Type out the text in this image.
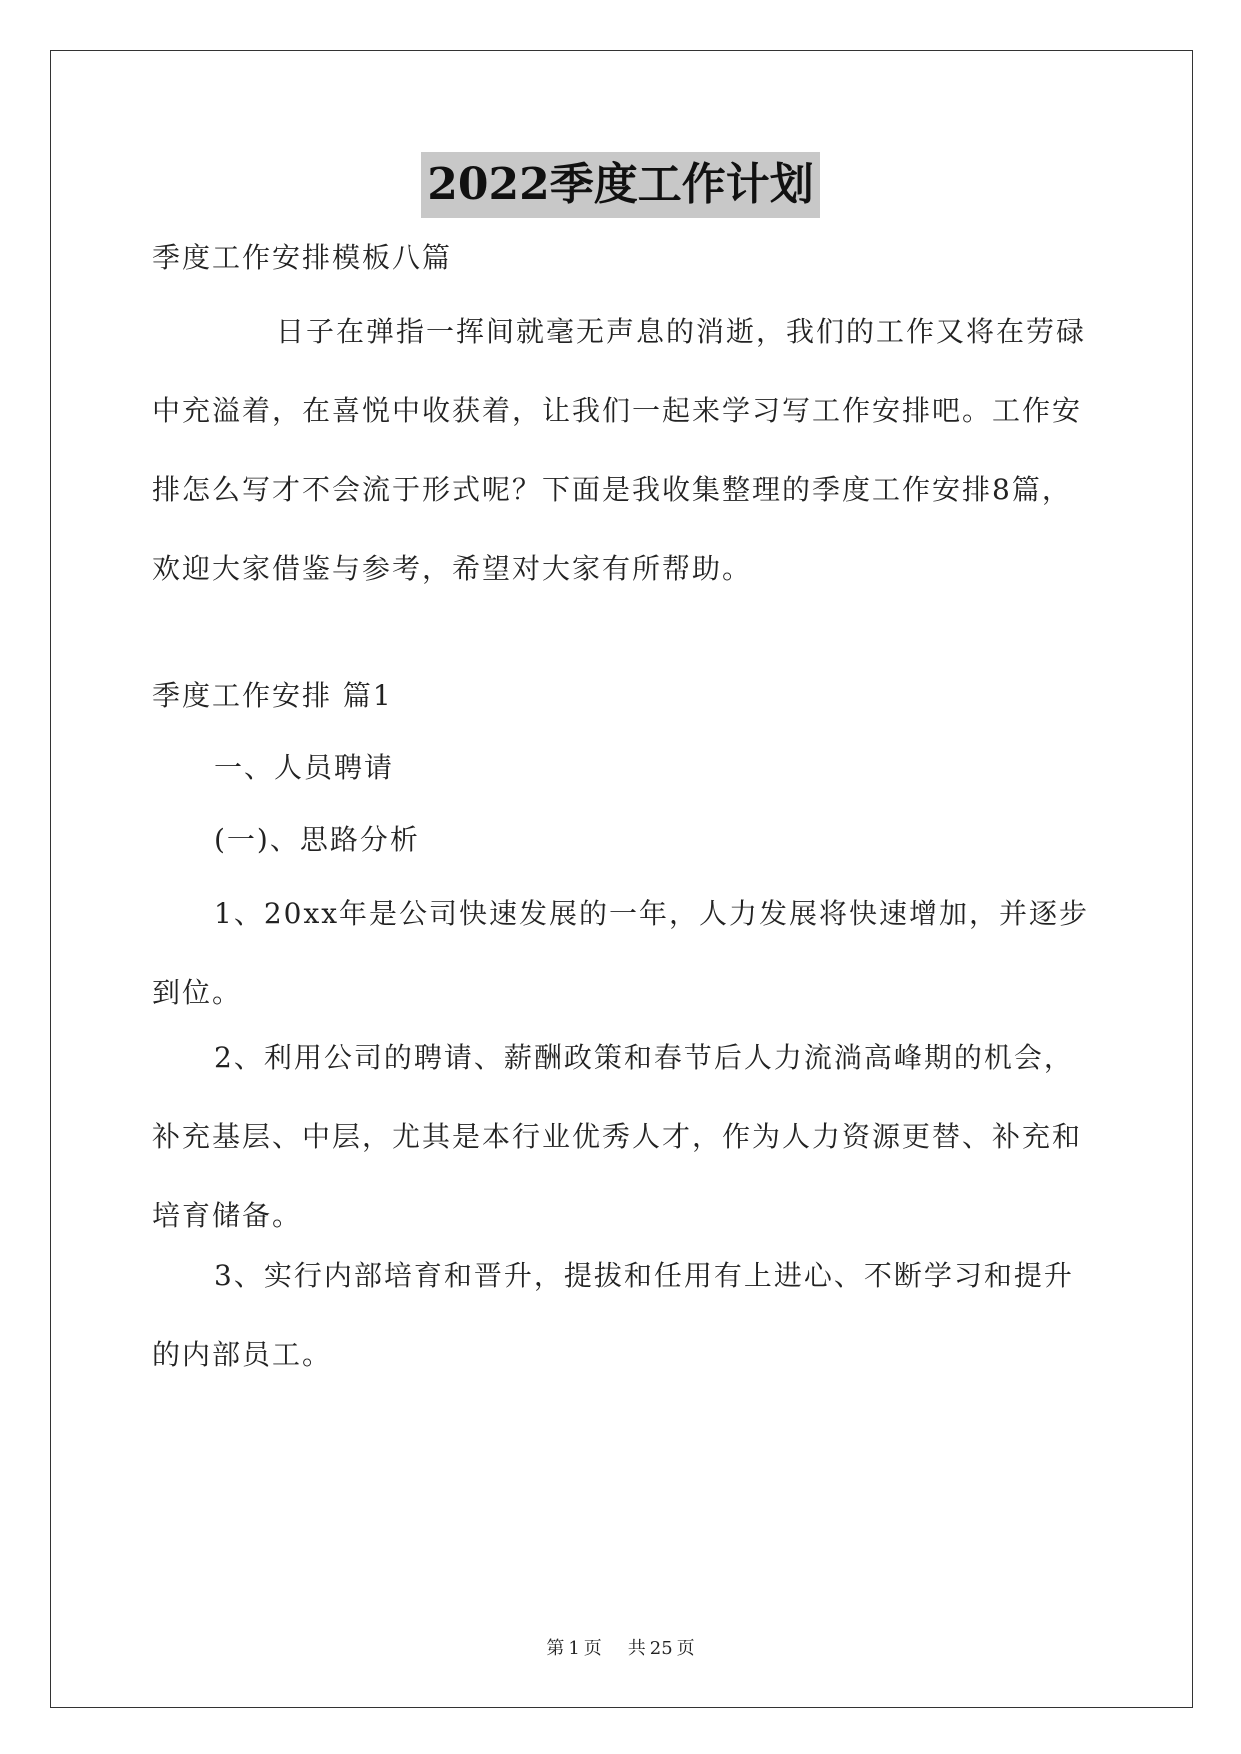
2022季度工作计划

季度工作安排模板八篇

日子在弹指一挥间就毫无声息的消逝，我们的工作又将在劳碌中充溢着，在喜悦中收获着，让我们一起来学习写工作安排吧。工作安排怎么写才不会流于形式呢？下面是我收集整理的季度工作安排8篇，欢迎大家借鉴与参考，希望对大家有所帮助。

季度工作安排 篇1

一、人员聘请

(一)、思路分析

1、20xx年是公司快速发展的一年，人力发展将快速增加，并逐步到位。

2、利用公司的聘请、薪酬政策和春节后人力流淌高峰期的机会，补充基层、中层，尤其是本行业优秀人才，作为人力资源更替、补充和培育储备。

3、实行内部培育和晋升，提拔和任用有上进心、不断学习和提升的内部员工。

第 1 页 共 25 页
